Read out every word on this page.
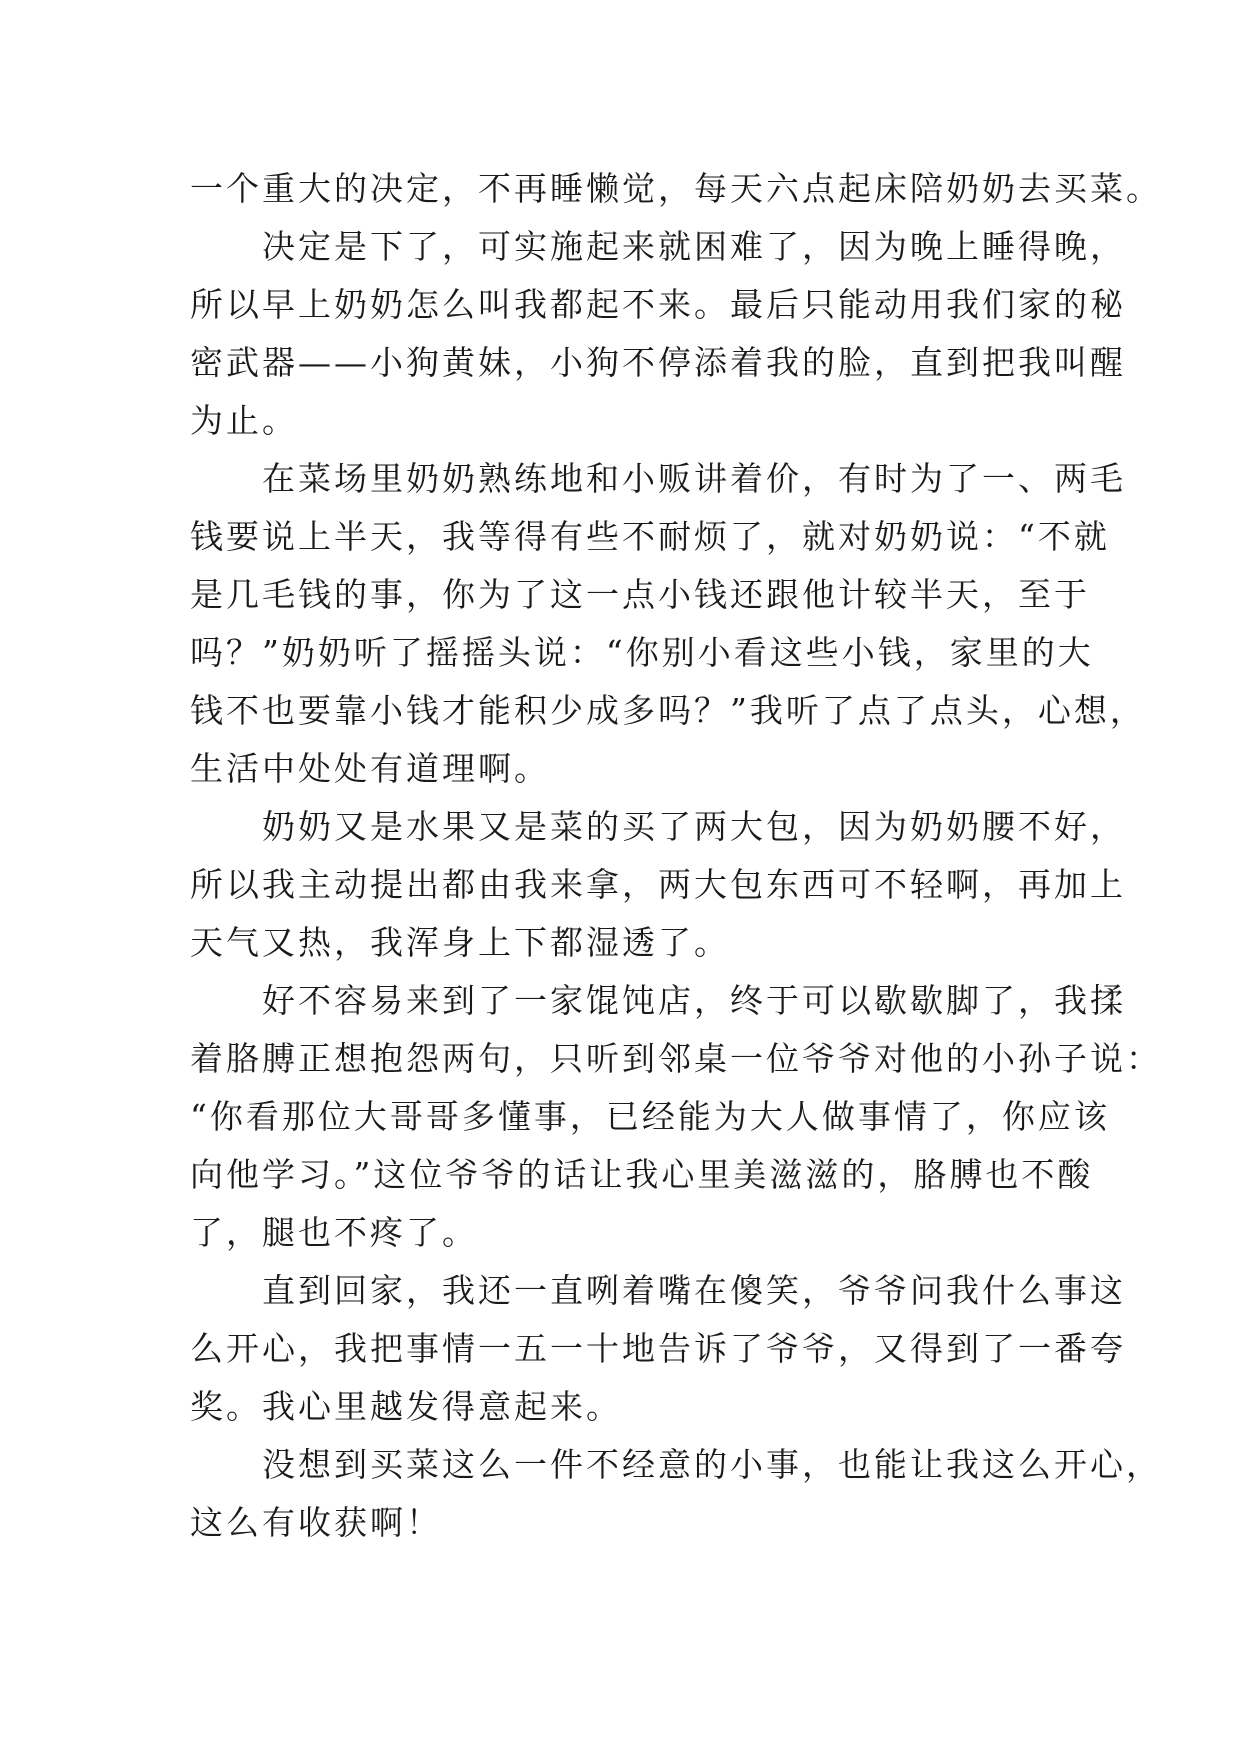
一个重大的决定，不再睡懒觉，每天六点起床陪奶奶去买菜。
　　决定是下了，可实施起来就困难了，因为晚上睡得晚，
所以早上奶奶怎么叫我都起不来。最后只能动用我们家的秘
密武器——小狗黄妹，小狗不停添着我的脸，直到把我叫醒
为止。
　　在菜场里奶奶熟练地和小贩讲着价，有时为了一、两毛
钱要说上半天，我等得有些不耐烦了，就对奶奶说：“不就
是几毛钱的事，你为了这一点小钱还跟他计较半天，至于
吗？”奶奶听了摇摇头说：“你别小看这些小钱，家里的大
钱不也要靠小钱才能积少成多吗？”我听了点了点头，心想，
生活中处处有道理啊。
　　奶奶又是水果又是菜的买了两大包，因为奶奶腰不好，
所以我主动提出都由我来拿，两大包东西可不轻啊，再加上
天气又热，我浑身上下都湿透了。
　　好不容易来到了一家馄饨店，终于可以歇歇脚了，我揉
着胳膊正想抱怨两句，只听到邻桌一位爷爷对他的小孙子说：
“你看那位大哥哥多懂事，已经能为大人做事情了，你应该
向他学习。”这位爷爷的话让我心里美滋滋的，胳膊也不酸
了，腿也不疼了。
　　直到回家，我还一直咧着嘴在傻笑，爷爷问我什么事这
么开心，我把事情一五一十地告诉了爷爷，又得到了一番夸
奖。我心里越发得意起来。
　　没想到买菜这么一件不经意的小事，也能让我这么开心，
这么有收获啊！
